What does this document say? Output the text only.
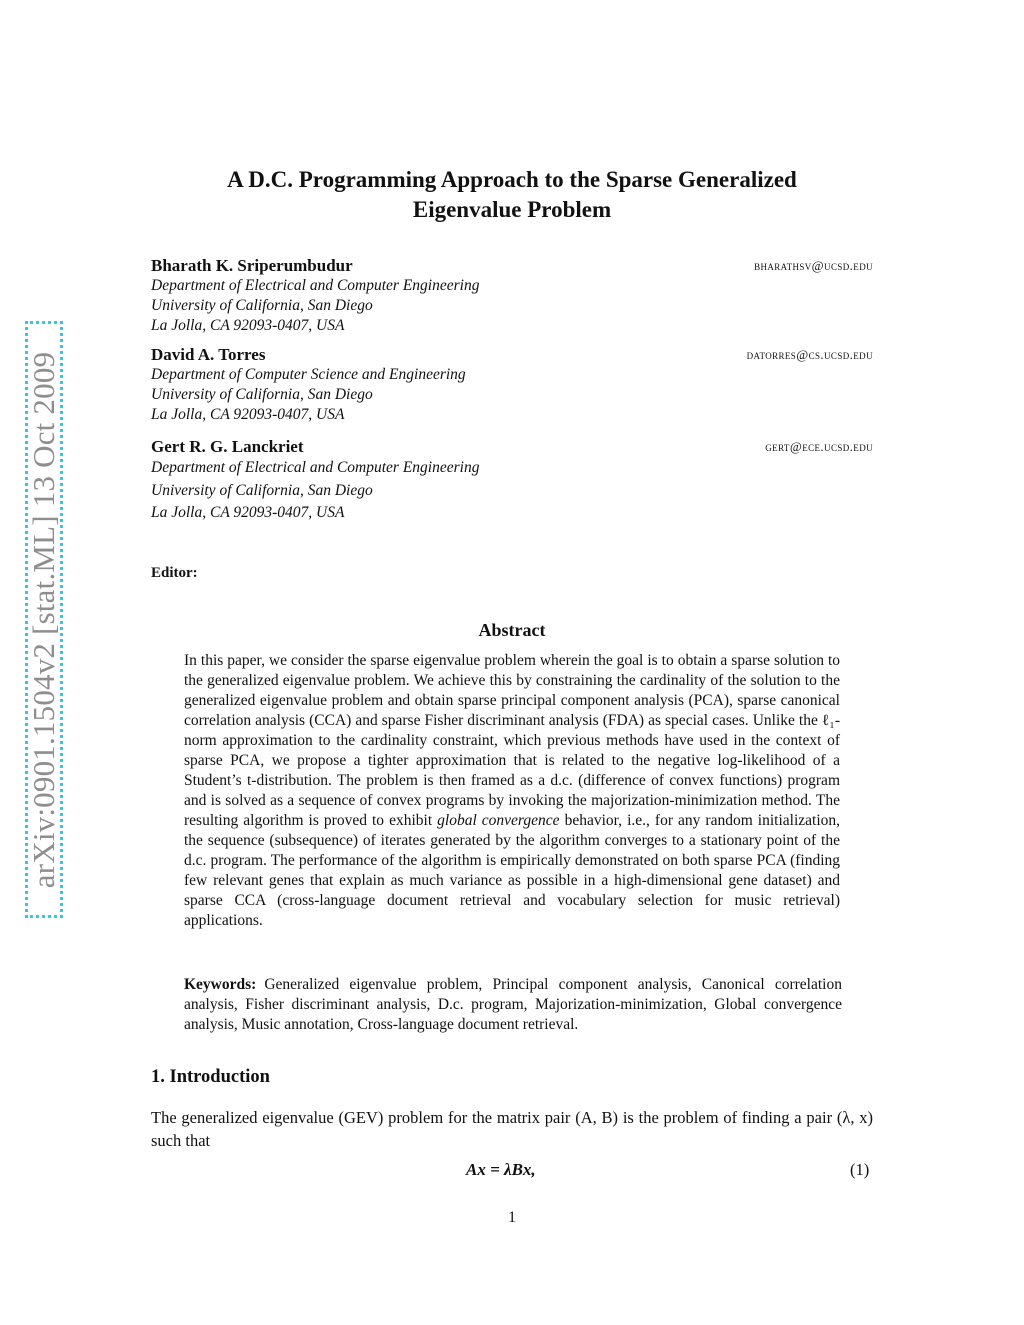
arXiv:0901.1504v2 [stat.ML] 13 Oct 2009
A D.C. Programming Approach to the Sparse Generalized
Eigenvalue Problem
Bharath K. Sriperumbudur	bharathsv@ucsd.edu
Department of Electrical and Computer Engineering
University of California, San Diego
La Jolla, CA 92093-0407, USA
David A. Torres	datorres@cs.ucsd.edu
Department of Computer Science and Engineering
University of California, San Diego
La Jolla, CA 92093-0407, USA
Gert R. G. Lanckriet	gert@ece.ucsd.edu
Department of Electrical and Computer Engineering
University of California, San Diego
La Jolla, CA 92093-0407, USA
Editor:
Abstract
In this paper, we consider the sparse eigenvalue problem wherein the goal is to obtain a sparse solution to the generalized eigenvalue problem. We achieve this by constraining the cardinality of the solution to the generalized eigenvalue problem and obtain sparse principal component analysis (PCA), sparse canonical correlation analysis (CCA) and sparse Fisher discriminant analysis (FDA) as special cases. Unlike the ℓ₁-norm approximation to the cardinality constraint, which previous methods have used in the context of sparse PCA, we propose a tighter approximation that is related to the negative log-likelihood of a Student’s t-distribution. The problem is then framed as a d.c. (difference of convex functions) program and is solved as a sequence of convex programs by invoking the majorization-minimization method. The resulting algorithm is proved to exhibit global convergence behavior, i.e., for any random initialization, the sequence (subsequence) of iterates generated by the algorithm converges to a stationary point of the d.c. program. The performance of the algorithm is empirically demonstrated on both sparse PCA (finding few relevant genes that explain as much variance as possible in a high-dimensional gene dataset) and sparse CCA (cross-language document retrieval and vocabulary selection for music retrieval) applications.
Keywords: Generalized eigenvalue problem, Principal component analysis, Canonical correlation analysis, Fisher discriminant analysis, D.c. program, Majorization-minimization, Global convergence analysis, Music annotation, Cross-language document retrieval.
1. Introduction
The generalized eigenvalue (GEV) problem for the matrix pair (A, B) is the problem of finding a pair (λ, x) such that
Ax = λBx,	(1)
1
